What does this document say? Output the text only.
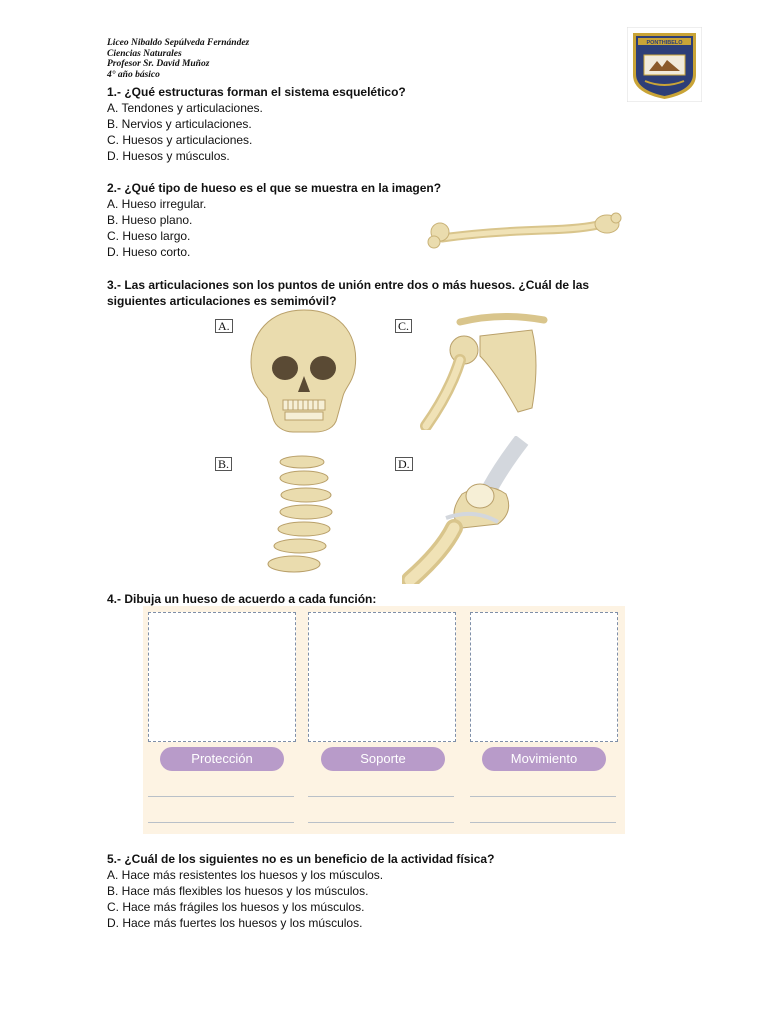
Liceo Nibaldo Sepúlveda Fernández
Ciencias Naturales
Profesor Sr. David Muñoz
4° año básico
PONTHIBELO
1.- ¿Qué estructuras forman el sistema esquelético?
A. Tendones y articulaciones.
B. Nervios y articulaciones.
C. Huesos y articulaciones.
D. Huesos y músculos.
2.- ¿Qué tipo de hueso es el que se muestra en la imagen?
A. Hueso irregular.
B. Hueso plano.
C. Hueso largo.
D. Hueso corto.
3.- Las articulaciones son los puntos de unión entre dos o más huesos. ¿Cuál de las
siguientes articulaciones es semimóvil?
A.
B.
C.
D.
4.- Dibuja un hueso de acuerdo a cada función:
Protección	Soporte	Movimiento
5.- ¿Cuál de los siguientes no es un beneficio de la actividad física?
A. Hace más resistentes los huesos y los músculos.
B. Hace más flexibles los huesos y los músculos.
C. Hace más frágiles los huesos y los músculos.
D. Hace más fuertes los huesos y los músculos.
